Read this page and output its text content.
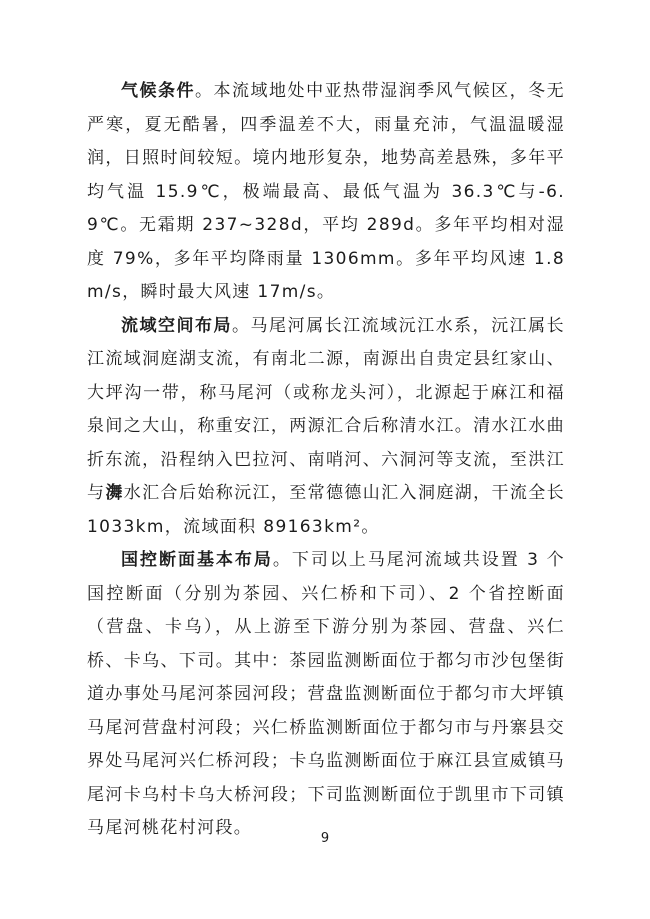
气候条件。本流域地处中亚热带湿润季风气候区，冬无严寒，夏无酷暑，四季温差不大，雨量充沛，气温温暖湿润，日照时间较短。境内地形复杂，地势高差悬殊，多年平均气温 15.9℃，极端最高、最低气温为 36.3℃与-6.9℃。无霜期 237~328d，平均 289d。多年平均相对湿度 79%，多年平均降雨量 1306mm。多年平均风速 1.8m/s，瞬时最大风速 17m/s。

流域空间布局。马尾河属长江流域沅江水系，沅江属长江流域洞庭湖支流，有南北二源，南源出自贵定县红家山、大坪沟一带，称马尾河（或称龙头河），北源起于麻江和福泉间之大山，称重安江，两源汇合后称清水江。清水江水曲折东流，沿程纳入巴拉河、南哨河、六洞河等支流，至洪江与㵲水汇合后始称沅江，至常德德山汇入洞庭湖，干流全长 1033km，流域面积 89163km²。

国控断面基本布局。下司以上马尾河流域共设置 3 个国控断面（分别为茶园、兴仁桥和下司）、2 个省控断面（营盘、卡乌），从上游至下游分别为茶园、营盘、兴仁桥、卡乌、下司。其中：茶园监测断面位于都匀市沙包堡街道办事处马尾河茶园河段；营盘监测断面位于都匀市大坪镇马尾河营盘村河段；兴仁桥监测断面位于都匀市与丹寨县交界处马尾河兴仁桥河段；卡乌监测断面位于麻江县宣威镇马尾河卡乌村卡乌大桥河段；下司监测断面位于凯里市下司镇马尾河桃花村河段。

9
